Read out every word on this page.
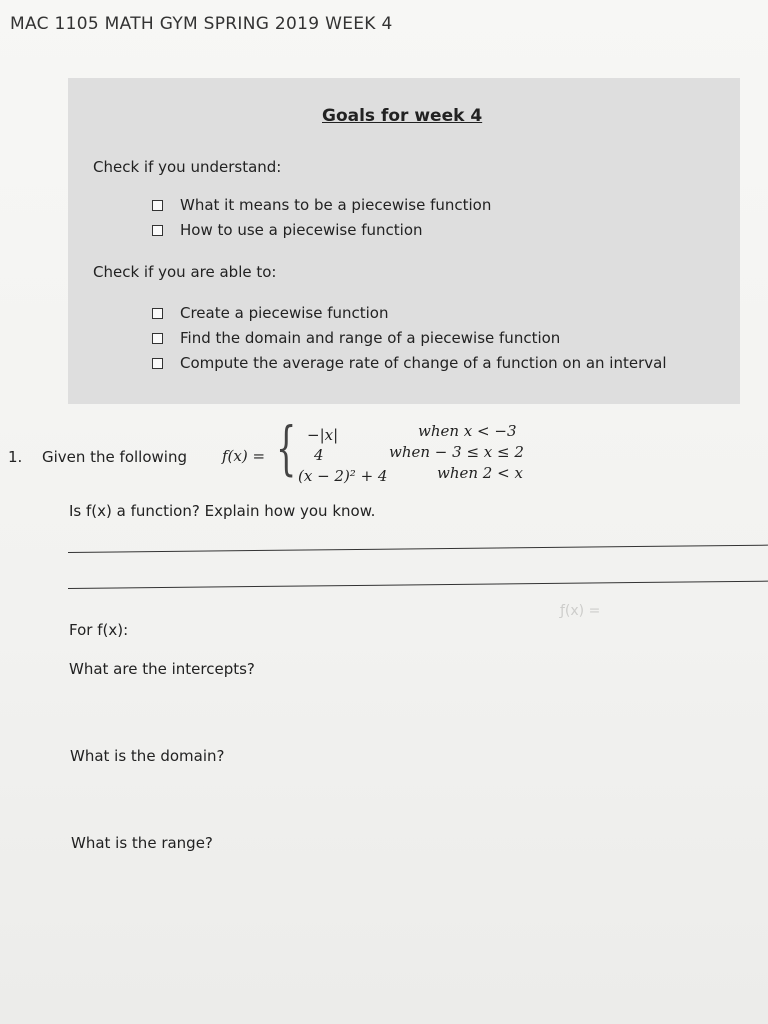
MAC 1105 MATH GYM SPRING 2019 WEEK 4
Goals for week 4
Check if you understand:
What it means to be a piecewise function
How to use a piecewise function
Check if you are able to:
Create a piecewise function
Find the domain and range of a piecewise function
Compute the average rate of change of a function on an interval
ƒ(x) =
1. Given the following f(x) = { −|x|	when x < −3
4	when − 3 ≤ x ≤ 2
(x − 2)² + 4	when 2 < x
Is f(x) a function? Explain how you know.
For f(x):
What are the intercepts?
What is the domain?
What is the range?
